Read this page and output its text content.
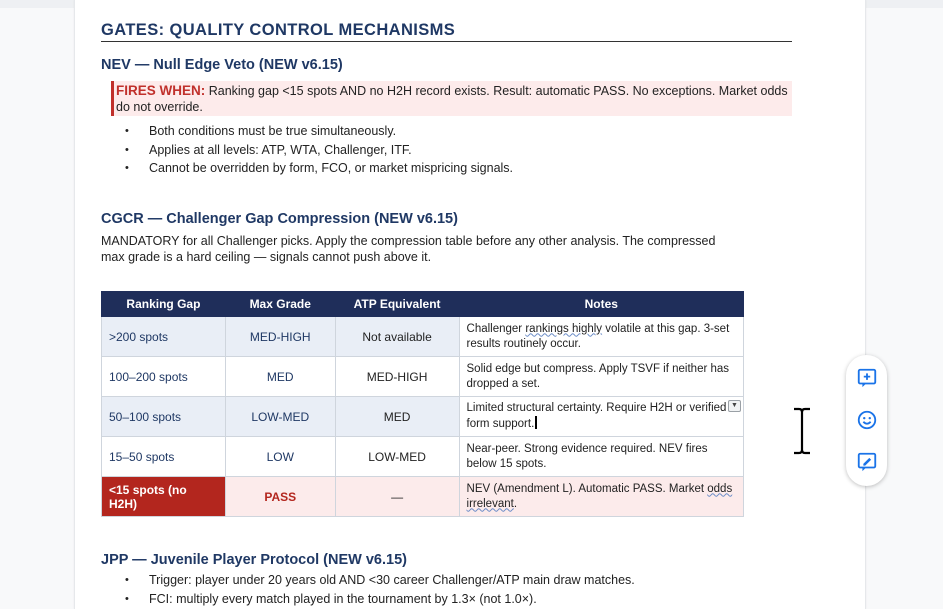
GATES: QUALITY CONTROL MECHANISMS
NEV — Null Edge Veto (NEW v6.15)
FIRES WHEN: Ranking gap <15 spots AND no H2H record exists. Result: automatic PASS. No exceptions. Market odds do not override.
• Both conditions must be true simultaneously.
• Applies at all levels: ATP, WTA, Challenger, ITF.
• Cannot be overridden by form, FCO, or market mispricing signals.
CGCR — Challenger Gap Compression (NEW v6.15)
MANDATORY for all Challenger picks. Apply the compression table before any other analysis. The compressed
max grade is a hard ceiling — signals cannot push above it.
Ranking Gap	Max Grade	ATP Equivalent	Notes
>200 spots	MED-HIGH	Not available	Challenger rankings highly volatile at this gap. 3-set results routinely occur.
100–200 spots	MED	MED-HIGH	Solid edge but compress. Apply TSVF if neither has dropped a set.
50–100 spots	LOW-MED	MED	Limited structural certainty. Require H2H or verified form support.
▼

15–50 spots	LOW	LOW-MED	Near-peer. Strong evidence required. NEV fires below 15 spots.
<15 spots (no H2H)	PASS	—	NEV (Amendment L). Automatic PASS. Market odds irrelevant.
JPP — Juvenile Player Protocol (NEW v6.15)
• Trigger: player under 20 years old AND <30 career Challenger/ATP main draw matches.
• FCI: multiply every match played in the tournament by 1.3× (not 1.0×).
